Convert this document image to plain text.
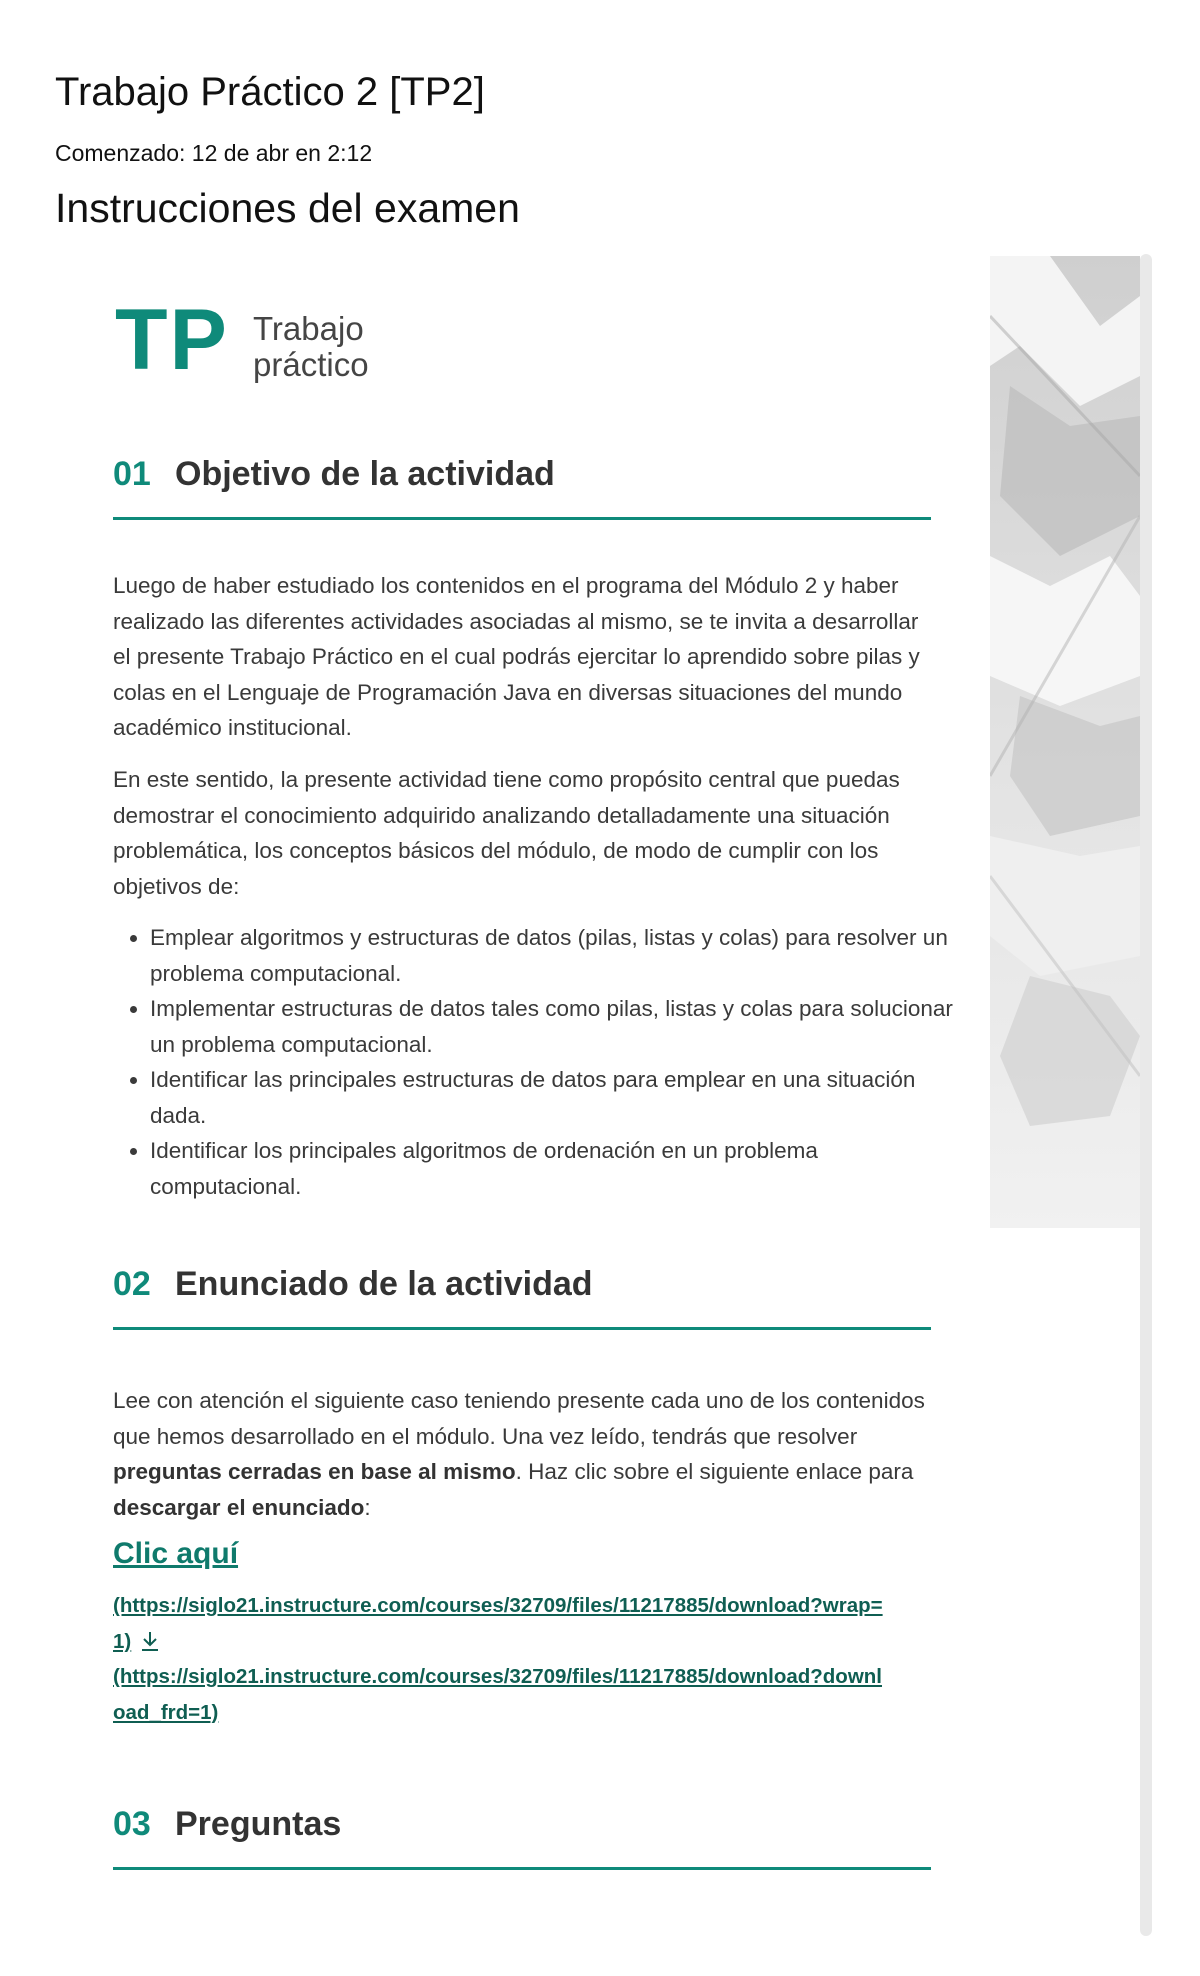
Trabajo Práctico 2 [TP2]
Comenzado: 12 de abr en 2:12
Instrucciones del examen
TP Trabajo
práctico
01 Objetivo de la actividad

Luego de haber estudiado los contenidos en el programa del Módulo 2 y haber realizado las diferentes actividades asociadas al mismo, se te invita a desarrollar el presente Trabajo Práctico en el cual podrás ejercitar lo aprendido sobre pilas y colas en el Lenguaje de Programación Java en diversas situaciones del mundo académico institucional.

En este sentido, la presente actividad tiene como propósito central que puedas demostrar el conocimiento adquirido analizando detalladamente una situación problemática, los conceptos básicos del módulo, de modo de cumplir con los objetivos de:

• Emplear algoritmos y estructuras de datos (pilas, listas y colas) para resolver un problema computacional.
• Implementar estructuras de datos tales como pilas, listas y colas para solucionar un problema computacional.
• Identificar las principales estructuras de datos para emplear en una situación dada.
• Identificar los principales algoritmos de ordenación en un problema computacional.
02 Enunciado de la actividad

Lee con atención el siguiente caso teniendo presente cada uno de los contenidos que hemos desarrollado en el módulo. Una vez leído, tendrás que resolver preguntas cerradas en base al mismo. Haz clic sobre el siguiente enlace para descargar el enunciado:

Clic aquí
(https://siglo21.instructure.com/courses/32709/files/11217885/download?wrap=1)
(https://siglo21.instructure.com/courses/32709/files/11217885/download?download_frd=1)
03 Preguntas
